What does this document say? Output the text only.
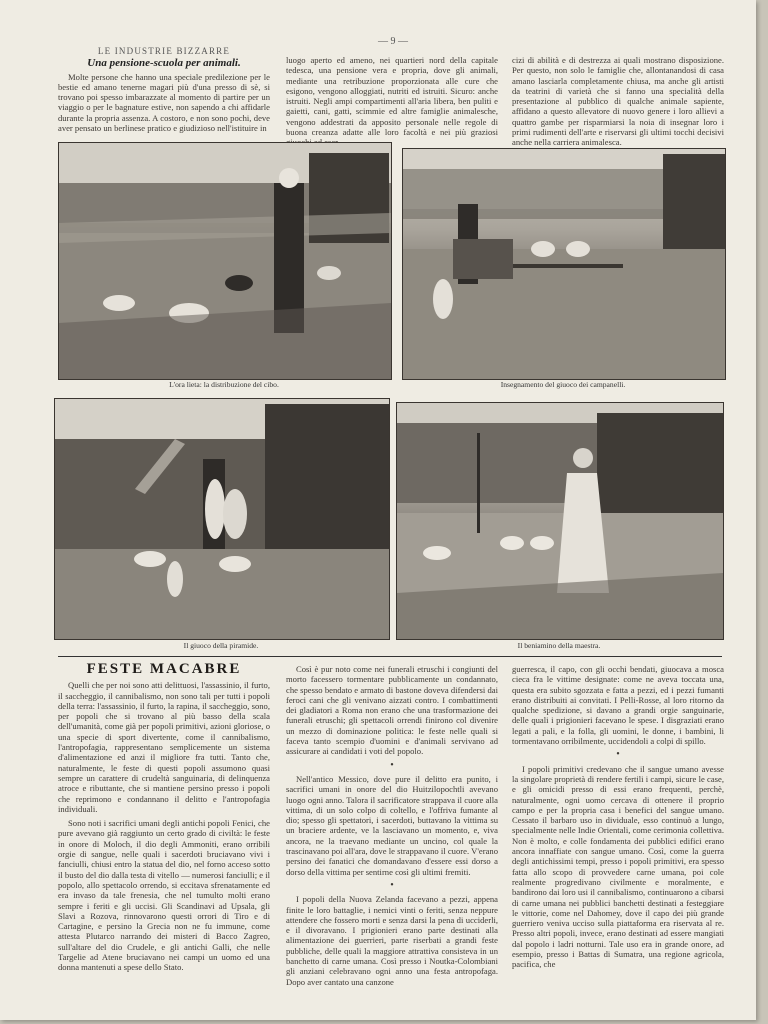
— 9 —
LE INDUSTRIE BIZZARRE
Una pensione-scuola per animali.

Molte persone che hanno una speciale predilezione per le bestie ed amano tenerne magari più d'una presso di sè, si trovano poi spesso imbarazzate al momento di partire per un viaggio o per le bagnature estive, non sapendo a chi affidarle durante la propria assenza. A costoro, e non sono pochi, deve aver pensato un berlinese pratico e giudizioso nell'istituire in

luogo aperto ed ameno, nei quartieri nord della capitale tedesca, una pensione vera e propria, dove gli animali, mediante una retribuzione proporzionata alle cure che esigono, vengono alloggiati, nutriti ed istruiti. Sicuro: anche istruiti. Negli ampi compartimenti all'aria libera, ben puliti e gaietti, cani, gatti, scimmie ed altre famiglie animalesche, vengono addestrati da apposito personale nelle regole di buona creanza adatte alle loro facoltà e nei più graziosi

cizi di abilità e di destrezza ai quali mostrano disposizione. Per questo, non solo le famiglie che, allontanandosi di casa amano lasciarla completamente chiusa, ma anche gli artisti da teatrini di varietà che si fanno una specialità della presentazione al pubblico di qualche animale sapiente, affidano a questo allevatore di nuovo genere i loro allievi a quattro gambe per risparmiarsi la noia di insegnar loro i primi rudimenti dell'arte e riservarsi gli ultimi tocchi decisivi anche nella carriera animalesca.

L'ora lieta: la distribuzione del cibo.	Insegnamento del giuoco dei campanelli.
Il giuoco della piramide.	Il beniamino della maestra.
FESTE MACABRE

Quelli che per noi sono atti delittuosi, l'assassinio, il furto, il saccheggio, il cannibalismo, non sono tali per tutti i popoli della terra: l'assassinio, il furto, la rapina, il saccheggio, sono, per popoli che si trovano al più basso della scala dell'umanità, come già per popoli primitivi, azioni gloriose, o una specie di sport divertente, come il cannibalismo, l'antropofagia, rappresentano semplicemente un sistema d'alimentazione ed anzi il migliore fra tutti. Tanto che, naturalmente, le feste di questi popoli assumono quasi sempre un carattere di crudeltà sanguinaria, di delinquenza atroce e ributtante, che si mantiene persino presso i popoli che reprimono e condannano il delitto e l'antropofagia individuali.

Sono noti i sacrifici umani degli antichi popoli Fenici, che pure avevano già raggiunto un certo grado di civiltà: le feste in onore di Moloch, il dio degli Ammoniti, erano orribili orgie di sangue, nelle quali i sacerdoti bruciavano vivi i fanciulli, chiusi entro la statua del dio, nel forno acceso sotto il busto del dio dalla testa di vitello — numerosi fanciulli; e il popolo, allo spettacolo orrendo, si eccitava sfrenatamente ed era invaso da tale frenesia, che nel tumulto molti erano sempre i feriti e gli uccisi. Gli Scandinavi ad Upsala, gli Slavi a Rozova, rinnovarono questi orrori di Tiro e di Cartagine, e persino la Grecia non ne fu immune, come attesta Plutarco narrando dei misteri di Bacco Zagreo, sull'altare del dio Crudele, e gli antichi Galli, che nelle Targelie ad Atene bruciavano nei campi un uomo ed una donna mantenuti a spese dello Stato.

Così è pur noto come nei funerali etruschi i congiunti del morto facessero tormentare pubblicamente un condannato, che spesso bendato e armato di bastone doveva difendersi dai feroci cani che gli venivano aizzati contro. I combattimenti dei gladiatori a Roma non erano che una trasformazione dei funerali etruschi; gli spettacoli orrendi finirono col divenire un mezzo di dominazione politica: le feste nelle quali si faceva tanto scempio d'uomini e d'animali servivano ad assicurare ai candidati i voti del popolo.

•

Nell'antico Messico, dove pure il delitto era punito, i sacrifici umani in onore del dio Huitzilopochtli avevano luogo ogni anno. Talora il sacrificatore strappava il cuore alla vittima, di un solo colpo di coltello, e l'offriva fumante al dio; spesso gli spettatori, i sacerdoti, buttavano la vittima su un braciere ardente, ve la lasciavano un momento, e, viva ancora, ne la traevano mediante un uncino, col quale la trascinavano poi all'ara, dove le strappavano il cuore. V'erano persino dei fanatici che domandavano d'essere essi dorso a dorso della vittima per sentirne così gli ultimi fremiti.

•

I popoli della Nuova Zelanda facevano a pezzi, appena finite le loro battaglie, i nemici vinti o feriti, senza neppure attendere che fossero morti e senza darsi la pena di ucciderli, e il divoravano. I prigionieri erano parte destinati alla alimentazione dei guerrieri, parte riserbati a grandi feste pubbliche, delle quali la maggiore attrattiva consisteva in un banchetto di carne umana. Così presso i Noutka-Colombiani gli anziani celebravano ogni anno una festa antropofaga. Dopo aver cantato una canzone

guerresca, il capo, con gli occhi bendati, giuocava a mosca cieca fra le vittime designate: come ne aveva toccata una, questa era subito sgozzata e fatta a pezzi, ed i pezzi fumanti erano distribuiti ai convitati. I Pelli-Rosse, al loro ritorno da qualche spedizione, si davano a grandi orgie sanguinarie, delle quali i prigionieri facevano le spese. I disgraziati erano legati a pali, e la folla, gli uomini, le donne, i bambini, li tormentavano orribilmente, uccidendoli a colpi di spillo.

•

I popoli primitivi credevano che il sangue umano avesse la singolare proprietà di rendere fertili i campi, sicure le case, e gli omicidi presso di essi erano frequenti, perchè, naturalmente, ogni uomo cercava di ottenere il proprio campo e per la propria casa i benefici del sangue umano. Cessato il barbaro uso in dividuale, esso continuò a lungo, specialmente nelle Indie Orientali, come cerimonia collettiva. Non è molto, e colle fondamenta dei pubblici edifici erano ancora innaffiate con sangue umano. Così, come la guerra degli antichissimi tempi, presso i popoli primitivi, era spesso fatta allo scopo di provvedere carne umana, poi cole realmente progredivano civilmente e moralmente, e bandirono dai loro usi il cannibalismo, continuarono a cibarsi di carne umana nei pubblici banchetti destinati a festeggiare le vittorie, come nel Dahomey, dove il capo dei più grande guerriero veniva ucciso sulla piattaforma era riservata al re. Presso altri popoli, invece, erano destinati ad essere mangiati dal popolo i ladri notturni. Tale uso era in grande onore, ad esempio, presso i Battas di Sumatra, una regione agricola, pacifica, che
